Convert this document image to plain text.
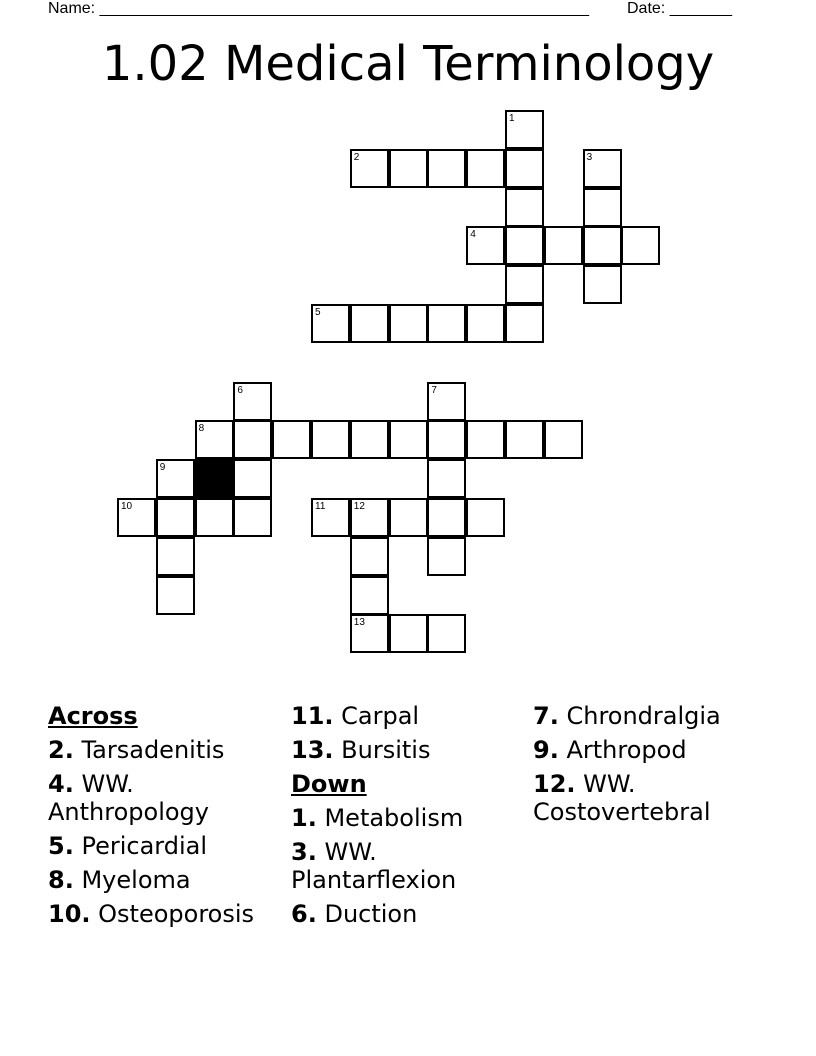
Name: _______________________________________________________ Date: _______
1.02 Medical Terminology
1
2	3
4
5
6	7
8
9
10	11	12
13
Across
2. Tarsadenitis
4. WW. Anthropology
5. Pericardial
8. Myeloma
10. Osteoporosis
11. Carpal
13. Bursitis
Down
1. Metabolism
3. WW. Plantarflexion
6. Duction
7. Chrondralgia
9. Arthropod
12. WW. Costovertebral
